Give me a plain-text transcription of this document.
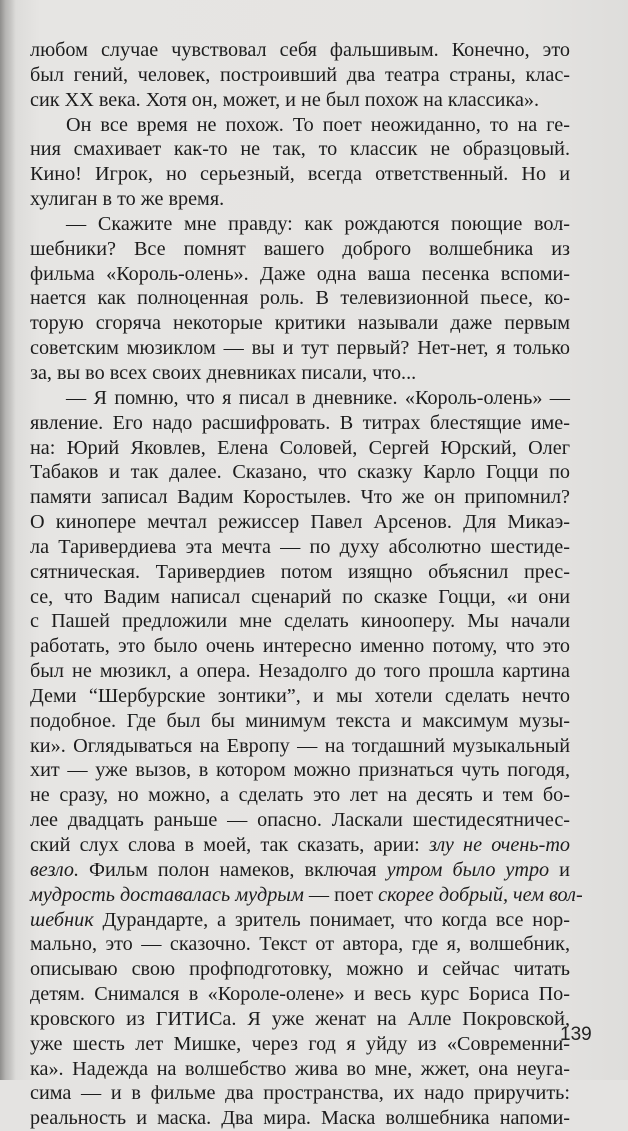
любом случае чувствовал себя фальшивым. Конечно, это
был гений, человек, построивший два театра страны, клас-
сик XX века. Хотя он, может, и не был похож на классика».
Он все время не похож. То поет неожиданно, то на ге-
ния смахивает как-то не так, то классик не образцовый.
Кино! Игрок, но серьезный, всегда ответственный. Но и
хулиган в то же время.
— Скажите мне правду: как рождаются поющие вол-
шебники? Все помнят вашего доброго волшебника из
фильма «Король-олень». Даже одна ваша песенка вспоми-
нается как полноценная роль. В телевизионной пьесе, ко-
торую сгоряча некоторые критики называли даже первым
советским мюзиклом — вы и тут первый? Нет-нет, я только
за, вы во всех своих дневниках писали, что...
— Я помню, что я писал в дневнике. «Король-олень» —
явление. Его надо расшифровать. В титрах блестящие име-
на: Юрий Яковлев, Елена Соловей, Сергей Юрский, Олег
Табаков и так далее. Сказано, что сказку Карло Гоцци по
памяти записал Вадим Коростылев. Что же он припомнил?
О кинопере мечтал режиссер Павел Арсенов. Для Микаэ-
ла Таривердиева эта мечта — по духу абсолютно шестиде-
сятническая. Таривердиев потом изящно объяснил прес-
се, что Вадим написал сценарий по сказке Гоцци, «и они
с Пашей предложили мне сделать кинооперу. Мы начали
работать, это было очень интересно именно потому, что это
был не мюзикл, а опера. Незадолго до того прошла картина
Деми “Шербурские зонтики”, и мы хотели сделать нечто
подобное. Где был бы минимум текста и максимум музы-
ки». Оглядываться на Европу — на тогдашний музыкальный
хит — уже вызов, в котором можно признаться чуть погодя,
не сразу, но можно, а сделать это лет на десять и тем бо-
лее двадцать раньше — опасно. Ласкали шестидесятничес-
ский слух слова в моей, так сказать, арии: злу не очень-то
везло. Фильм полон намеков, включая утром было утро и
мудрость доставалась мудрым — поет скорее добрый, чем вол-
шебник Дурандарте, а зритель понимает, что когда все нор-
мально, это — сказочно. Текст от автора, где я, волшебник,
описываю свою профподготовку, можно и сейчас читать
детям. Снимался в «Короле-олене» и весь курс Бориса По-
кровского из ГИТИСа. Я уже женат на Алле Покровской,
уже шесть лет Мишке, через год я уйду из «Современни-
ка». Надежда на волшебство жива во мне, жжет, она неуга-
сима — и в фильме два пространства, их надо приручить:
реальность и маска. Два мира. Маска волшебника напоми-
139
